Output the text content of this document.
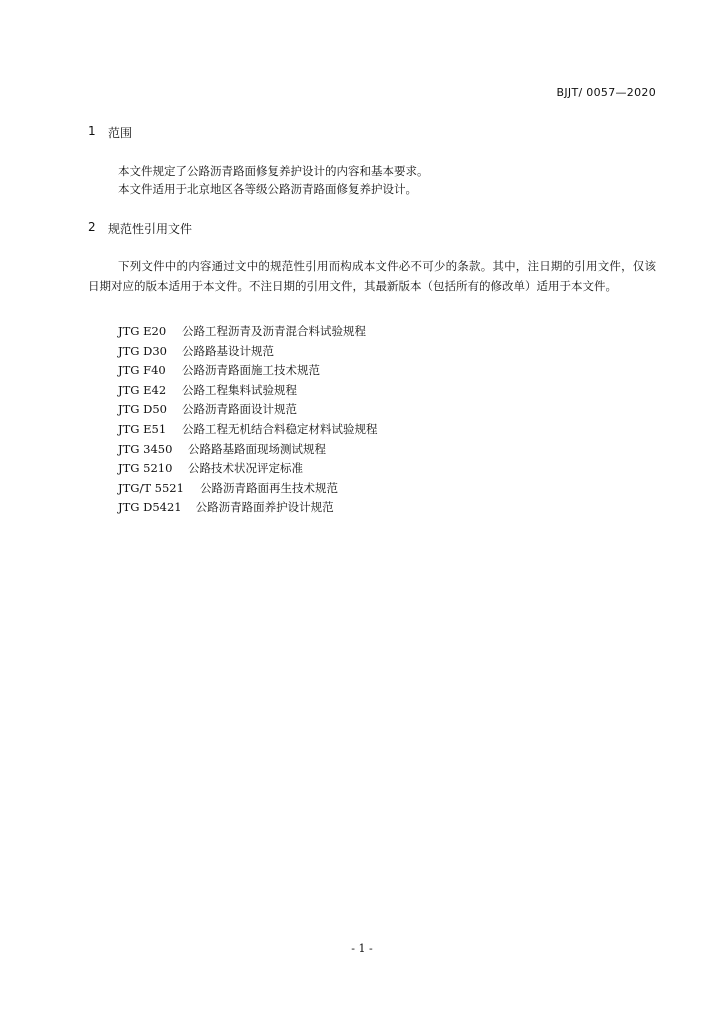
BJJT/ 0057—2020
1 范围
本文件规定了公路沥青路面修复养护设计的内容和基本要求。
本文件适用于北京地区各等级公路沥青路面修复养护设计。
2 规范性引用文件
下列文件中的内容通过文中的规范性引用而构成本文件必不可少的条款。其中，注日期的引用文件，仅该日期对应的版本适用于本文件。不注日期的引用文件，其最新版本（包括所有的修改单）适用于本文件。
JTG E20 公路工程沥青及沥青混合料试验规程
JTG D30 公路路基设计规范
JTG F40 公路沥青路面施工技术规范
JTG E42 公路工程集料试验规程
JTG D50 公路沥青路面设计规范
JTG E51 公路工程无机结合料稳定材料试验规程
JTG 3450 公路路基路面现场测试规程
JTG 5210 公路技术状况评定标准
JTG/T 5521 公路沥青路面再生技术规范
JTG D5421 公路沥青路面养护设计规范
- 1 -
